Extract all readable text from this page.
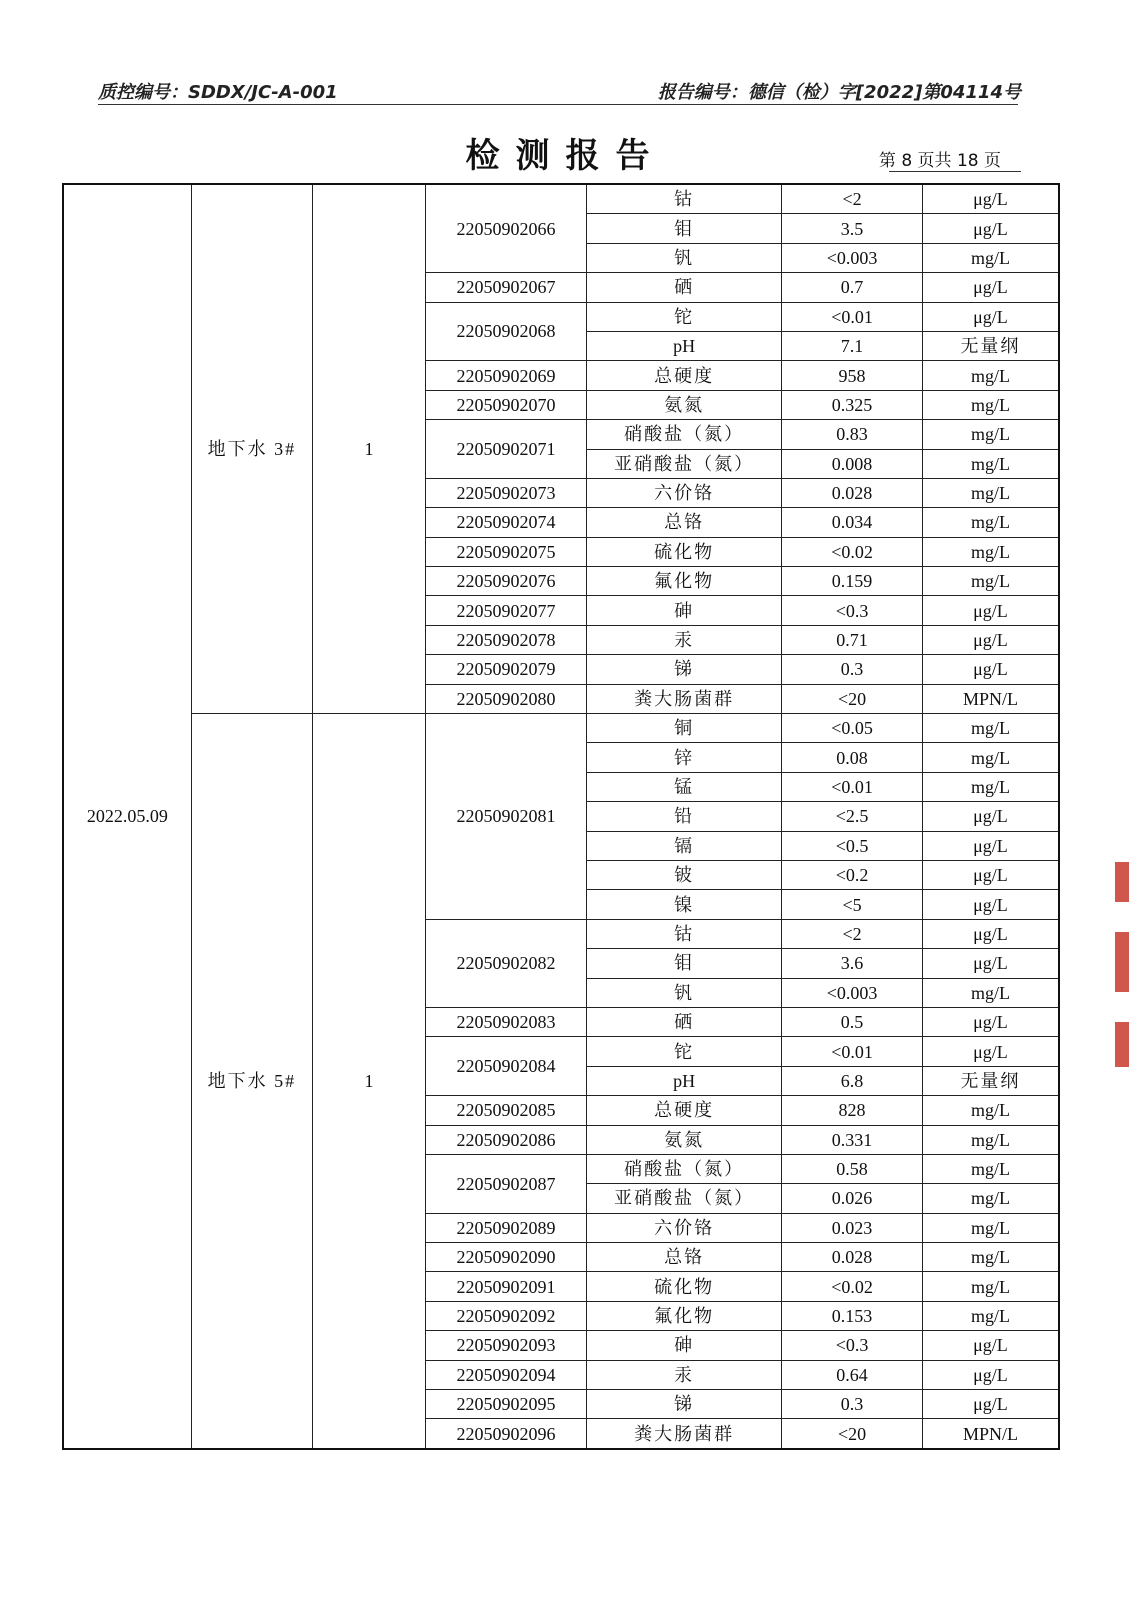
质控编号：SDDX/JC-A-001	报告编号：德信（检）字[2022]第04114号
检测报告	第 8 页共 18 页
2022.05.09	地下水 3#	1	22050902066	钴	<2	μg/L
				钼	3.5	μg/L
				钒	<0.003	mg/L
			22050902067	硒	0.7	μg/L
			22050902068	铊	<0.01	μg/L
				pH	7.1	无量纲
			22050902069	总硬度	958	mg/L
			22050902070	氨氮	0.325	mg/L
			22050902071	硝酸盐（氮）	0.83	mg/L
				亚硝酸盐（氮）	0.008	mg/L
			22050902073	六价铬	0.028	mg/L
			22050902074	总铬	0.034	mg/L
			22050902075	硫化物	<0.02	mg/L
			22050902076	氟化物	0.159	mg/L
			22050902077	砷	<0.3	μg/L
			22050902078	汞	0.71	μg/L
			22050902079	锑	0.3	μg/L
			22050902080	粪大肠菌群	<20	MPN/L
	地下水 5#	1	22050902081	铜	<0.05	mg/L
				锌	0.08	mg/L
				锰	<0.01	mg/L
				铅	<2.5	μg/L
				镉	<0.5	μg/L
				铍	<0.2	μg/L
				镍	<5	μg/L
			22050902082	钴	<2	μg/L
				钼	3.6	μg/L
				钒	<0.003	mg/L
			22050902083	硒	0.5	μg/L
			22050902084	铊	<0.01	μg/L
				pH	6.8	无量纲
			22050902085	总硬度	828	mg/L
			22050902086	氨氮	0.331	mg/L
			22050902087	硝酸盐（氮）	0.58	mg/L
				亚硝酸盐（氮）	0.026	mg/L
			22050902089	六价铬	0.023	mg/L
			22050902090	总铬	0.028	mg/L
			22050902091	硫化物	<0.02	mg/L
			22050902092	氟化物	0.153	mg/L
			22050902093	砷	<0.3	μg/L
			22050902094	汞	0.64	μg/L
			22050902095	锑	0.3	μg/L
			22050902096	粪大肠菌群	<20	MPN/L
